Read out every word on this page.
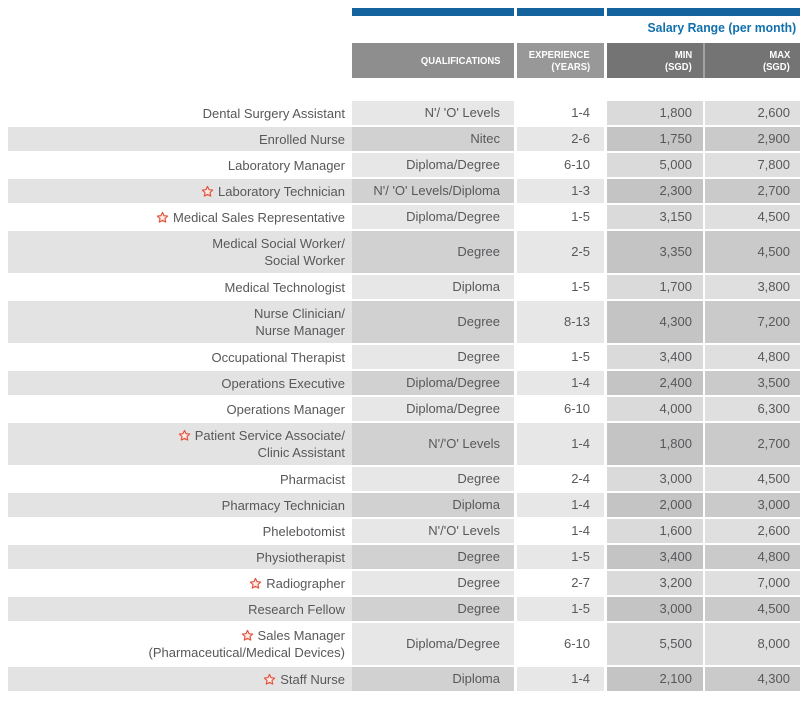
Salary Range (per month)
QUALIFICATIONS	EXPERIENCE
(YEARS)
MIN
(SGD)
MAX
(SGD)
Dental Surgery Assistant	N'/ 'O' Levels	1-4	1,800	2,600
Enrolled Nurse	Nitec	2-6	1,750	2,900
Laboratory Manager	Diploma/Degree	6-10	5,000	7,800
Laboratory Technician	N'/ 'O' Levels/Diploma	1-3	2,300	2,700
Medical Sales Representative	Diploma/Degree	1-5	3,150	4,500
Medical Social Worker/
Social Worker
Degree	2-5	3,350	4,500
Medical Technologist	Diploma	1-5	1,700	3,800
Nurse Clinician/
Nurse Manager
Degree	8-13	4,300	7,200
Occupational Therapist	Degree	1-5	3,400	4,800
Operations Executive	Diploma/Degree	1-4	2,400	3,500
Operations Manager	Diploma/Degree	6-10	4,000	6,300
Patient Service Associate/
Clinic Assistant
N'/'O' Levels	1-4	1,800	2,700
Pharmacist	Degree	2-4	3,000	4,500
Pharmacy Technician	Diploma	1-4	2,000	3,000
Phelebotomist	N'/'O' Levels	1-4	1,600	2,600
Physiotherapist	Degree	1-5	3,400	4,800
Radiographer	Degree	2-7	3,200	7,000
Research Fellow	Degree	1-5	3,000	4,500
Sales Manager
(Pharmaceutical/Medical Devices)
Diploma/Degree	6-10	5,500	8,000
Staff Nurse	Diploma	1-4	2,100	4,300
